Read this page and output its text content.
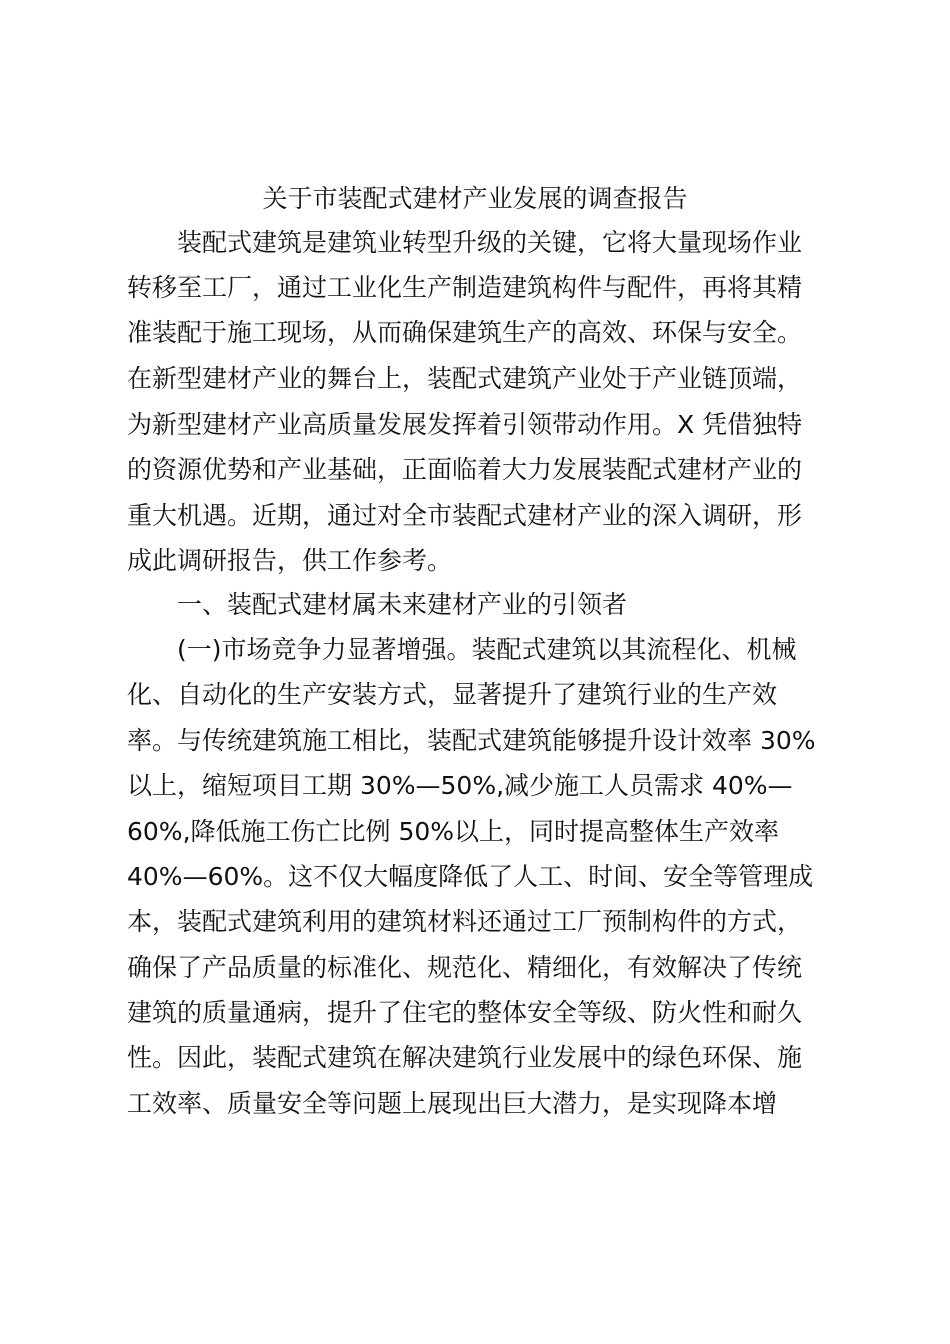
关于市装配式建材产业发展的调查报告
装配式建筑是建筑业转型升级的关键，它将大量现场作业
转移至工厂，通过工业化生产制造建筑构件与配件，再将其精
准装配于施工现场，从而确保建筑生产的高效、环保与安全。
在新型建材产业的舞台上，装配式建筑产业处于产业链顶端，
为新型建材产业高质量发展发挥着引领带动作用。X 凭借独特
的资源优势和产业基础，正面临着大力发展装配式建材产业的
重大机遇。近期，通过对全市装配式建材产业的深入调研，形
成此调研报告，供工作参考。
一、装配式建材属未来建材产业的引领者
(一)市场竞争力显著增强。装配式建筑以其流程化、机械
化、自动化的生产安装方式，显著提升了建筑行业的生产效
率。与传统建筑施工相比，装配式建筑能够提升设计效率 30%
以上，缩短项目工期 30%—50%,减少施工人员需求 40%—
60%,降低施工伤亡比例 50%以上，同时提高整体生产效率
40%—60%。这不仅大幅度降低了人工、时间、安全等管理成
本，装配式建筑利用的建筑材料还通过工厂预制构件的方式，
确保了产品质量的标准化、规范化、精细化，有效解决了传统
建筑的质量通病，提升了住宅的整体安全等级、防火性和耐久
性。因此，装配式建筑在解决建筑行业发展中的绿色环保、施
工效率、质量安全等问题上展现出巨大潜力，是实现降本增
